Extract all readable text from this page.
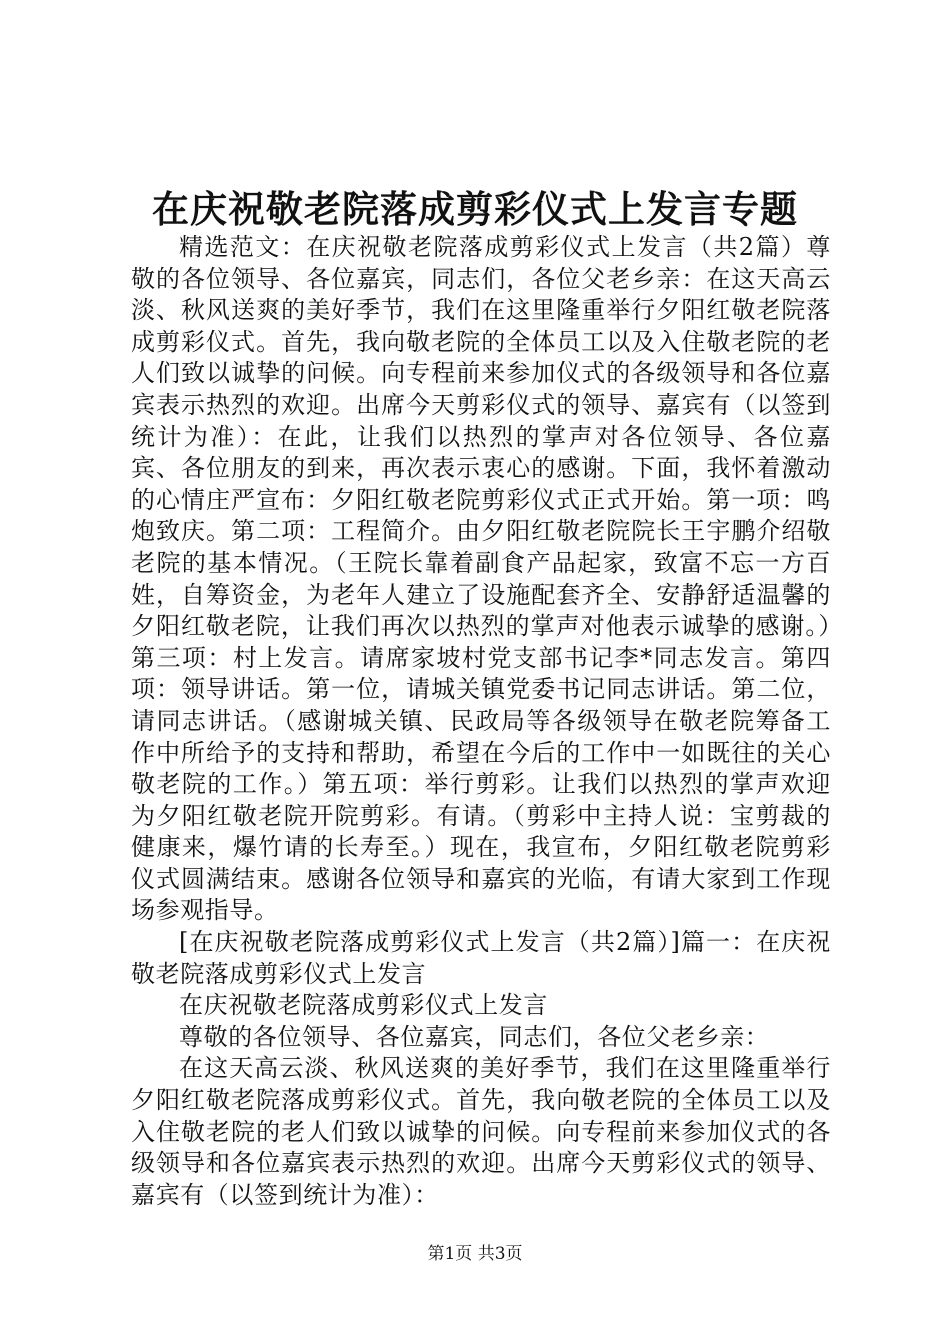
在庆祝敬老院落成剪彩仪式上发言专题

精选范文：在庆祝敬老院落成剪彩仪式上发言（共2篇）尊敬的各位领导、各位嘉宾，同志们，各位父老乡亲：在这天高云淡、秋风送爽的美好季节，我们在这里隆重举行夕阳红敬老院落成剪彩仪式。首先，我向敬老院的全体员工以及入住敬老院的老人们致以诚挚的问候。向专程前来参加仪式的各级领导和各位嘉宾表示热烈的欢迎。出席今天剪彩仪式的领导、嘉宾有（以签到统计为准）：在此，让我们以热烈的掌声对各位领导、各位嘉宾、各位朋友的到来，再次表示衷心的感谢。下面，我怀着激动的心情庄严宣布：夕阳红敬老院剪彩仪式正式开始。第一项：鸣炮致庆。第二项：工程简介。由夕阳红敬老院院长王宇鹏介绍敬老院的基本情况。（王院长靠着副食产品起家，致富不忘一方百姓，自筹资金，为老年人建立了设施配套齐全、安静舒适温馨的夕阳红敬老院，让我们再次以热烈的掌声对他表示诚挚的感谢。）第三项：村上发言。请席家坡村党支部书记李*同志发言。第四项：领导讲话。第一位，请城关镇党委书记同志讲话。第二位，请同志讲话。（感谢城关镇、民政局等各级领导在敬老院筹备工作中所给予的支持和帮助，希望在今后的工作中一如既往的关心敬老院的工作。）第五项：举行剪彩。让我们以热烈的掌声欢迎为夕阳红敬老院开院剪彩。有请。（剪彩中主持人说：宝剪裁的健康来，爆竹请的长寿至。）现在，我宣布，夕阳红敬老院剪彩仪式圆满结束。感谢各位领导和嘉宾的光临，有请大家到工作现场参观指导。

[在庆祝敬老院落成剪彩仪式上发言（共2篇）]篇一：在庆祝敬老院落成剪彩仪式上发言

在庆祝敬老院落成剪彩仪式上发言

尊敬的各位领导、各位嘉宾，同志们，各位父老乡亲：

在这天高云淡、秋风送爽的美好季节，我们在这里隆重举行夕阳红敬老院落成剪彩仪式。首先，我向敬老院的全体员工以及入住敬老院的老人们致以诚挚的问候。向专程前来参加仪式的各级领导和各位嘉宾表示热烈的欢迎。出席今天剪彩仪式的领导、嘉宾有（以签到统计为准）：

第1页 共3页
